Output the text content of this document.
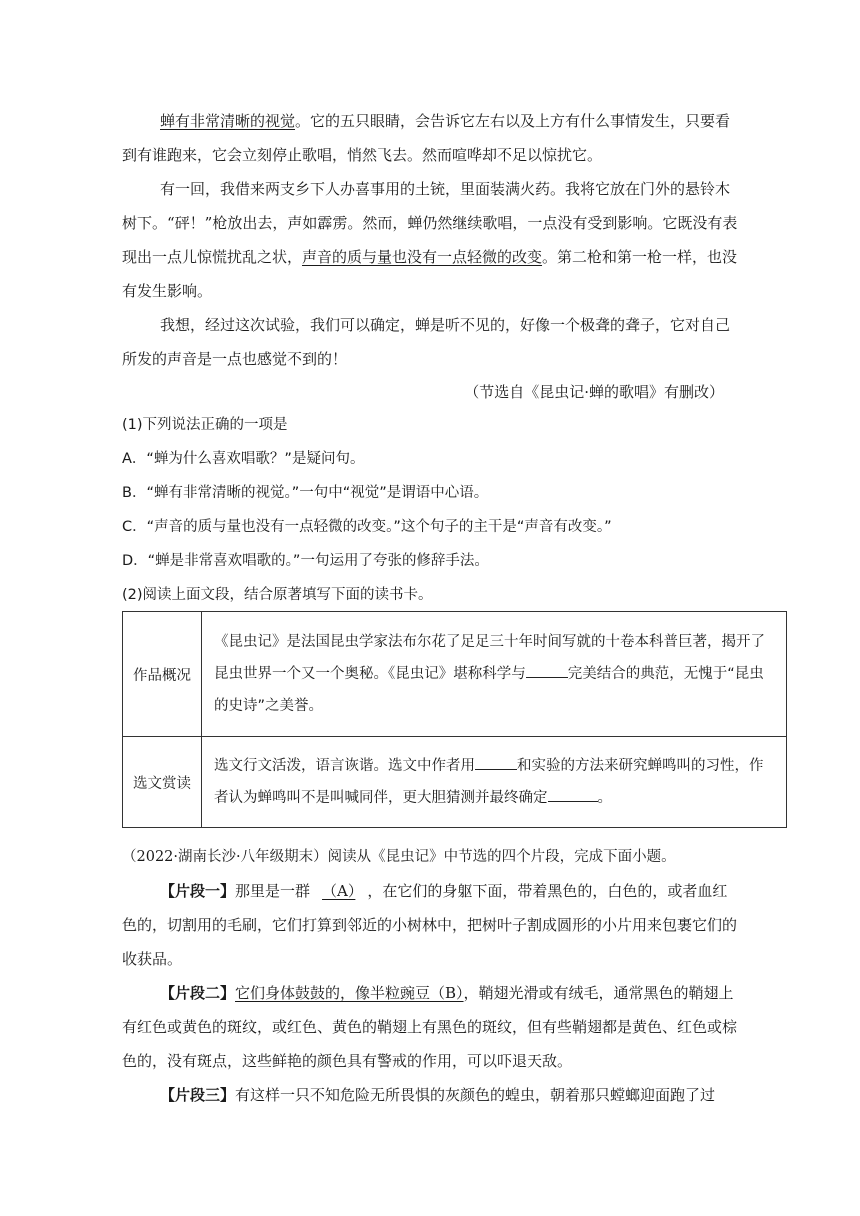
蝉有非常清晰的视觉。它的五只眼睛，会告诉它左右以及上方有什么事情发生，只要看到有谁跑来，它会立刻停止歌唱，悄然飞去。然而喧哗却不足以惊扰它。

有一回，我借来两支乡下人办喜事用的土铳，里面装满火药。我将它放在门外的悬铃木树下。“砰！”枪放出去，声如霹雳。然而，蝉仍然继续歌唱，一点没有受到影响。它既没有表现出一点儿惊慌扰乱之状，声音的质与量也没有一点轻微的改变。第二枪和第一枪一样，也没有发生影响。

我想，经过这次试验，我们可以确定，蝉是听不见的，好像一个极聋的聋子，它对自己所发的声音是一点也感觉不到的！

（节选自《昆虫记·蝉的歌唱》有删改）

(1)下列说法正确的一项是

A．“蝉为什么喜欢唱歌？”是疑问句。

B．“蝉有非常清晰的视觉。”一句中“视觉”是谓语中心语。

C．“声音的质与量也没有一点轻微的改变。”这个句子的主干是“声音有改变。”

D．“蝉是非常喜欢唱歌的。”一句运用了夸张的修辞手法。

(2)阅读上面文段，结合原著填写下面的读书卡。

作品概况	《昆虫记》是法国昆虫学家法布尔花了足足三十年时间写就的十卷本科普巨著，揭开了昆虫世界一个又一个奥秘。《昆虫记》堪称科学与 完美结合的典范，无愧于“昆虫的史诗”之美誉。
选文赏读	选文行文活泼，语言诙谐。选文中作者用 和实验的方法来研究蝉鸣叫的习性，作者认为蝉鸣叫不是叫喊同伴，更大胆猜测并最终确定 。

（2022·湖南长沙·八年级期末）阅读从《昆虫记》中节选的四个片段，完成下面小题。

【片段一】那里是一群 （A） ，在它们的身躯下面，带着黑色的，白色的，或者血红色的，切割用的毛刷，它们打算到邻近的小树林中，把树叶子割成圆形的小片用来包裹它们的收获品。

【片段二】它们身体鼓鼓的，像半粒豌豆（B），鞘翅光滑或有绒毛，通常黑色的鞘翅上有红色或黄色的斑纹，或红色、黄色的鞘翅上有黑色的斑纹，但有些鞘翅都是黄色、红色或棕色的，没有斑点，这些鲜艳的颜色具有警戒的作用，可以吓退天敌。

【片段三】有这样一只不知危险无所畏惧的灰颜色的蝗虫，朝着那只螳螂迎面跑了过
